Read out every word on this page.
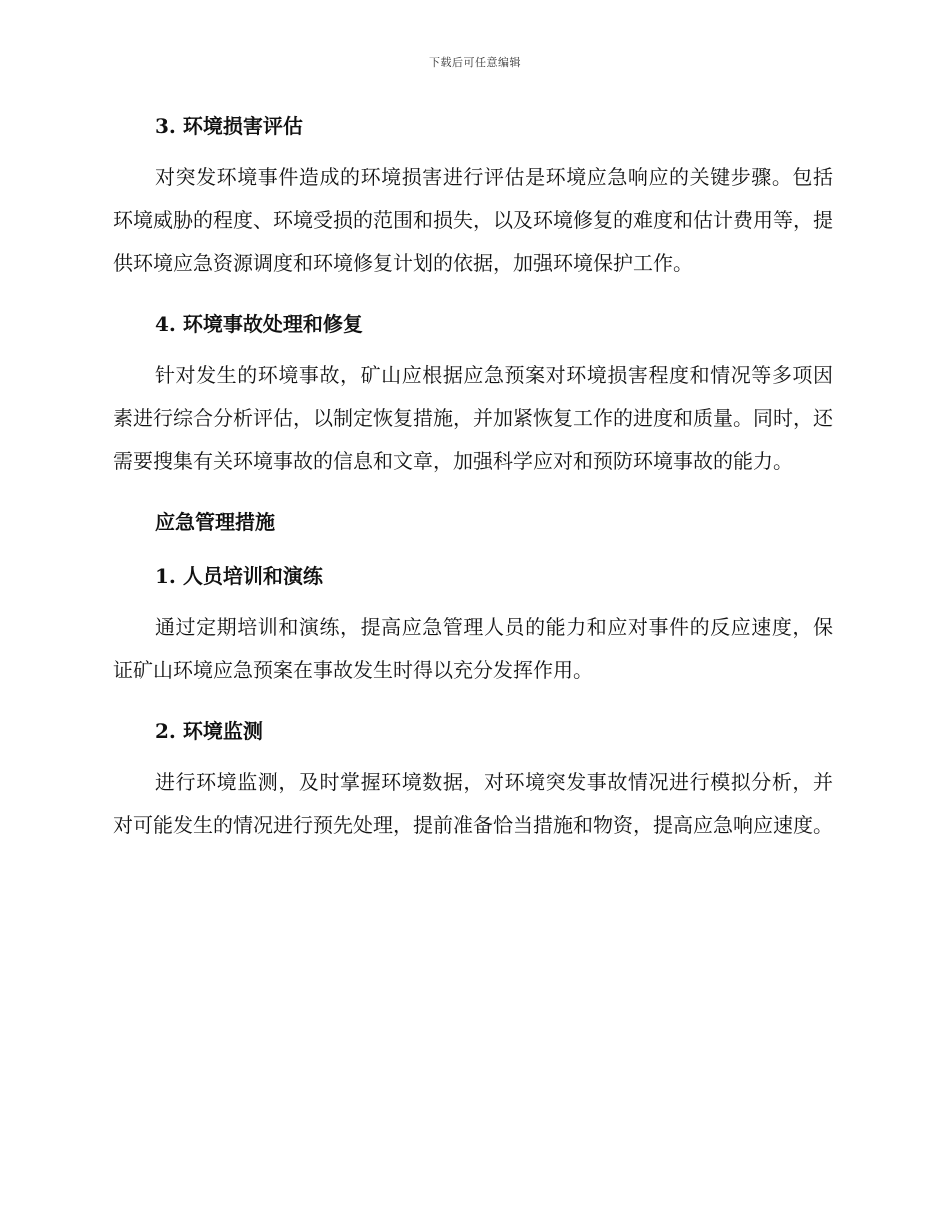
下载后可任意编辑
3. 环境损害评估

对突发环境事件造成的环境损害进行评估是环境应急响应的关键步骤。包括环境威胁的程度、环境受损的范围和损失，以及环境修复的难度和估计费用等，提供环境应急资源调度和环境修复计划的依据，加强环境保护工作。

4. 环境事故处理和修复

针对发生的环境事故，矿山应根据应急预案对环境损害程度和情况等多项因素进行综合分析评估，以制定恢复措施，并加紧恢复工作的进度和质量。同时，还需要搜集有关环境事故的信息和文章，加强科学应对和预防环境事故的能力。

应急管理措施
1. 人员培训和演练

通过定期培训和演练，提高应急管理人员的能力和应对事件的反应速度，保证矿山环境应急预案在事故发生时得以充分发挥作用。

2. 环境监测

进行环境监测，及时掌握环境数据，对环境突发事故情况进行模拟分析，并对可能发生的情况进行预先处理，提前准备恰当措施和物资，提高应急响应速度。
